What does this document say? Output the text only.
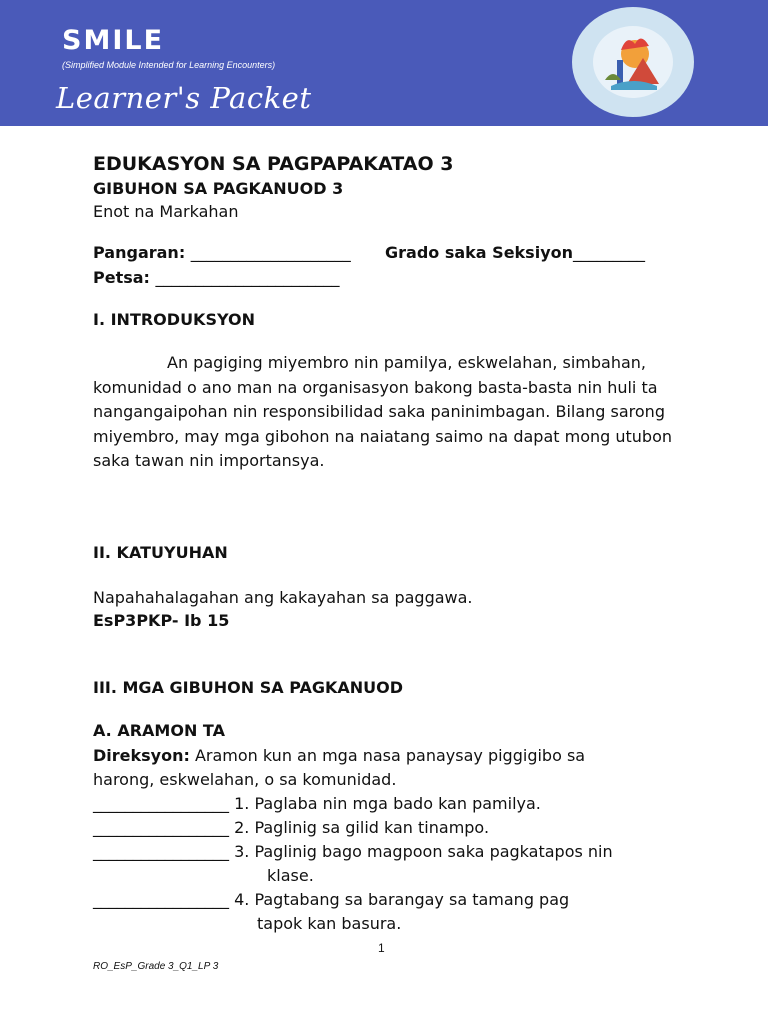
SMILE
(Simplified Module Intended for Learning Encounters)
Learner's Packet
EDUKASYON SA PAGPAPAKATAO 3
GIBUHON SA PAGKANUOD 3
Enot na Markahan
Pangaran: ____________________ Grado saka Seksiyon_________
Petsa: _______________________
I. INTRODUKSYON
An pagiging miyembro nin pamilya, eskwelahan, simbahan, komunidad o ano man na organisasyon bakong basta-basta nin huli ta nangangaipohan nin responsibilidad saka paninimbagan. Bilang sarong miyembro, may mga gibohon na naiatang saimo na dapat mong utubon saka tawan nin importansya.
II. KATUYUHAN
Napahahalagahan ang kakayahan sa paggawa.
EsP3PKP- Ib 15
III. MGA GIBUHON SA PAGKANUOD
A. ARAMON TA
Direksyon: Aramon kun an mga nasa panaysay piggigibo sa
harong, eskwelahan, o sa komunidad.
_________________ 1. Paglaba nin mga bado kan pamilya.
_________________ 2. Paglinig sa gilid kan tinampo.
_________________ 3. Paglinig bago magpoon saka pagkatapos nin
klase.
_________________ 4. Pagtabang sa barangay sa tamang pag
tapok kan basura.
1
RO_EsP_Grade 3_Q1_LP 3
